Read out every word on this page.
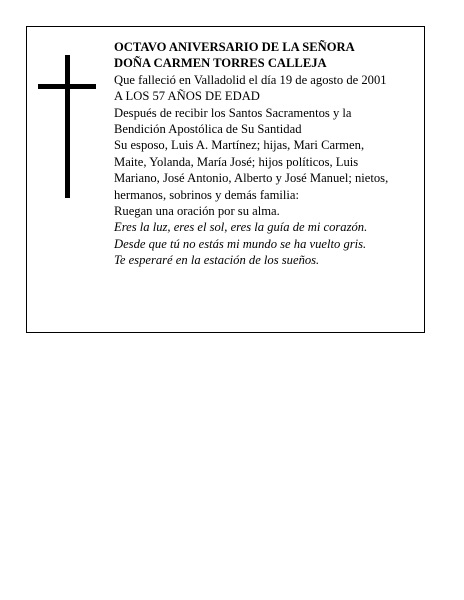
OCTAVO ANIVERSARIO DE LA SEÑORA
DOÑA CARMEN TORRES CALLEJA
Que falleció en Valladolid el día 19 de agosto de 2001
A LOS 57 AÑOS DE EDAD
Después de recibir los Santos Sacramentos y la
Bendición Apostólica de Su Santidad
Su esposo, Luis A. Martínez; hijas, Mari Carmen,
Maite, Yolanda, María José; hijos políticos, Luis
Mariano, José Antonio, Alberto y José Manuel; nietos,
hermanos, sobrinos y demás familia:
Ruegan una oración por su alma.
Eres la luz, eres el sol, eres la guía de mi corazón.
Desde que tú no estás mi mundo se ha vuelto gris.
Te esperaré en la estación de los sueños.
